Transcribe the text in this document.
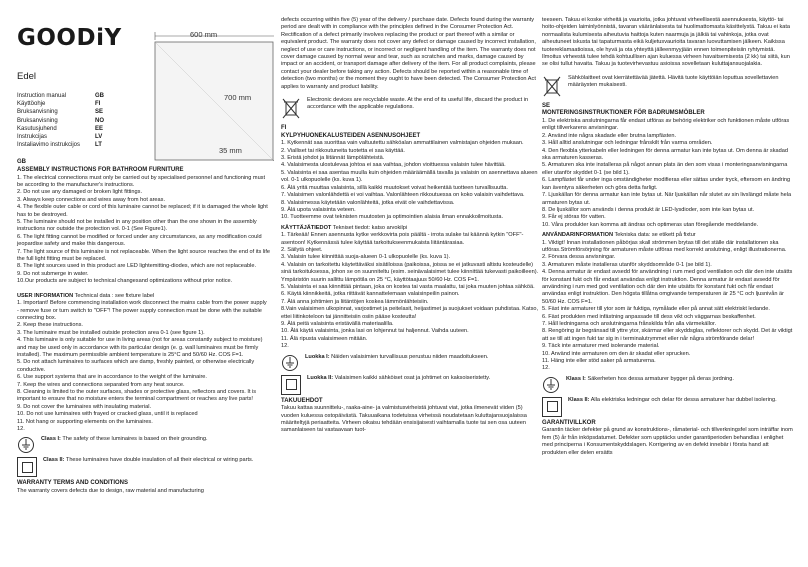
GOODiY	600 mm
700 mm
35 mm
Edel
Instruction manual	GB
Käyttöohje	FI
Bruksanvisning	SE
Bruksanvisning	NO
Kasutusjuhend	EE
Instrukcijas	LV
Instaliavimo instrukcijos	LT

GB

ASSEMBLY INSTRUCTIONS FOR BATHROOM FURNITURE

1. The electrical connections must only be carried out by specialised personnel and functioning must be according to the manufacturer's instructions.
2. Do not use any damaged or broken light fittings.
3. Always keep connections and wires away from hot areas.
4. The flexible outer cable or cord of this luminaire cannot be replaced; if it is damaged the whole light has to be destroyed.
5. The luminaire should not be installed in any position other than the one shown in the assembly instructions nor outside the protection vol. 0-1 (See Figure1).
6. The light fitting cannot be modified or forced under any circumstances, as any modification could jeopardise safety and make this dangerous.
7. The light source of this luminaire is not replaceable. When the light source reaches the end of its life the full light fitting must be replaced.
8. The light sources used in this product are LED lightemitting-diodes, which are not replaceable.
9. Do not submerge in water.
10.Our products are subject to technical changesand optimizations without prior notice.

USER INFORMATION Technical data : see fixture label

1. Important! Before commencing installation work disconnect the mains cable from the power supply - remove fuse or turn switch to "OFF"! The power supply connection must be done with the suitable connecting box.
2. Keep these instructions.
3. The luminaire must be installed outside protection area 0-1 (see figure 1).
4. This luminaire is only suitable for use in living areas (not for areas constantly subject to moisture) and may be used only in accordance with its particular design (e. g. wall luminaires must be firmly installed). The maximum permissible ambient temperature is 25°C and 50/60 Hz. COS F=1.
5. Do not attach luminaires to surfaces which are damp, freshly painted, or otherwise electrically conductive.
6. Use support systems that are in accordance to the weight of the luminaire.
7. Keep the wires and connections separated from any heat source.
8. Cleaning is limited to the outer surfaces, shades or protective glass, reflectors and covers. It is important to ensure that no moisture enters the terminal compartment or reaches any live parts!
9. Do not cover the luminaires with insulating material.
10. Do not use luminaires with frayed or cracked glass, until it is replaced
11. Not hang or supporting elements on the luminaires.
12.

Class I: The safety of these luminaires is based on their grounding.
Class II: These luminaires have double insulation of all their electrical or wiring parts.

WARRANTY TERMS AND CONDITIONS

The warranty covers defects due to design, raw material and manufacturing

defects occurring within five (5) year of the delivery / purchase date. Defects found during the warranty period are dealt with in compliance with the principles defined in the Consumer Protection Act. Rectification of a defect primarily involves replacing the product or part thereof with a similar or equivalent product. The warranty does not cover any defect or damage caused by incorrect installation, neglect of use or care instructions, or incorrect or negligent handling of the item. The warranty does not cover damage caused by normal wear and tear, such as scratches and marks, damage caused by impact or an accident, or transport damage after delivery of the item. For all product complaints, please contact your dealer before taking any action. Defects should be reported within a reasonable time of detection (two months) or the moment they ought to have been detected. The Consumer Protection Act applies to warranty and product liability.

Electronic devices are recyclable waste. At the end of its useful life, discard the product in accordance with the applicable regulations.

FI

KYLPYHUONEKALUSTEIDEN ASENNUSOHJEET

1. Kytkennät saa suorittaa vain valtuutettu sähköalan ammattilainen valmistajan ohjeiden mukaan.
2. Vialliset tai rikkoutuneita tuotetta ei saa käyttää.
3. Eristä johdot ja liitännät lämpölähteistä.
4. Valaisimesta ulostulevaa johtoa ei saa vaihtaa, johdon vioittuessa valaisin tulee hävittää.
5. Valaisinta ei saa asentaa muulla kuin ohjeiden määräämällä tavalla ja valaisin on asennettava alueen vol. 0-1 ulkopuolelle (ks. kuva 1).
6. Älä yritä muuttaa valaisinta, sillä kaikki muutokset voivat heikentää tuotteen turvallisuutta.
7. Valaisimen valonlähdettä ei voi vaihtaa. Valonlähteen rikkoutuessa on koko valaisin vaihdettava.
8. Valaisimessa käytetään valonlähteitä, jotka eivät ole vaihdettavissa.
9. Älä upota valaisinta veteen.
10. Tuotteemme ovat teknisten muutosten ja optimointien alaisia ilman ennakkoilmoitusta.

KÄYTTÄJÄTIEDOT Tekniset tiedot: katso arvokilpi

1. Tärkeää! Ennen asennusta kytke verkkovirta pois päältä - irrota sulake tai käännä kytkin "OFF"-asentoon! Kytkennässä tulee käyttää tarkoitukseenmukaista liitäntärasiaa.
2. Säilytä ohjeet.
3. Valaisin tulee kiinnittää suoja-alueen 0-1 ulkopuolelle (ks. kuva 1).
4. Valaisin on tarkoitettu käytettäväksi sisätiloissa (paikoissa, joissa se ei jatkuvasti altistu kosteudelle) sinä tarkoituksessa, johon se on suunniteltu (esim. seinävalaisimet tulee kiinnittää tukevasti paikoilleen). Ympäristön suurin sallittu lämpötila on 25 °C, käyttötaajuus 50/60 Hz. COS F=1.
5. Valaisinta ei saa kiinnittää pintaan, joka on kostea tai vasta maalattu, tai joka muuten johtaa sähköä.
6. Käytä kiinnikkeitä, jotka riittävät kannattelemaan valaisinpeilin painon.
7. Älä anna johtimien ja liitäntöjen koskea lämmönlähteisiin.
8.Vain valaisimen ulkopinnat, varjostimet ja peitelasit, heijastimet ja suojukset voidaan puhdistaa. Katso, ettei liitinkoteloon tai jännitteisiin osiin pääse kosteutta!
9. Älä peitä valaisinta eristävällä materiaalilla.
10. Älä käytä valaisinta, jonka lasi on lohjennut tai haljennut. Vaihda uuteen.
11. Älä ripusta valaisimeen mitään.
12.

Luokka I: Näiden valaisimien turvallisuus perustuu niiden maadoitukseen.
Luokka II: Valaisimen kaikki sähköiset osat ja johtimet on kaksoiseristetty.

TAKUUEHDOT

Takuu kattaa suunnittelu-, raaka-aine- ja valmistusvirheistä johtuvat viat, jotka ilmenevät viiden (5) vuoden kuluessa ostopäivästä. Takuuaikana todetuissa virheissä noudatetaan kuluttajansuojalaissa määriteltyjä periaatteita. Virheen oikaisu tehdään ensisijaisesti vaihtamalla tuote tai sen osa uuteen samanlaiseen tai vastaavaan tuot-

teeseen. Takuu ei koske virheitä ja vaurioita, jotka johtuvat virheellisestä asennuksesta, käyttö- tai hoito-ohjeiden laiminlyönnistä, tavaran vääränlaisesta tai huolimattomasta käsittelystä. Takuu ei kata normaalista kulumisesta aiheutuvia haittoja kuten naarmuja ja jälkiä tai vahinkoja, jotka ovat aiheutuneet iskusta tai tapaturmasta eikä kuljetusvaurioita tavaran luovuttamisen jälkeen. Kaikissa tuotereklamaatioissa, ole hyvä ja ota yhteyttä jälleenmyyjään ennen toimenpiteisiin ryhtymistä. Ilmoitus virheestä tulee tehdä kohtuullisen ajan kuluessa virheen havaitsemisesta (2 kk) tai siitä, kun se olisi tullut havaita. Takuu ja tuotevirhevastuu asioissa sovelletaan kuluttajansuojalakia.

Sähkölaitteet ovat kierrätettävää jätettä. Hävitä tuote käyttöiän loputtua sovellettavien määräysten mukaisesti.

SE

MONTERINGSINSTRUKTIONER FÖR BADRUMSMÖBLER

1. De elektriska anslutningarna får endast utföras av behörig elektriker och funktionen måste utföras enligt tillverkarens anvisningar.
2. Använd inte några skadade eller brutna lampfästen.
3. Håll alltid anslutningar och ledningar frånskilt från varma områden.
4. Den flexibla ytterkabeln eller ledningen för denna armatur kan inte bytas ut. Om denna är skadad ska armaturen kasseras.
5. Armaturen ska inte installeras på något annan plats än den som visas i monteringsanvisningarna eller utanför skyddet 0-1 (se bild 1).
6. Lampfästet får under inga omständigheter modifieras eller sättas under tryck, eftersom en ändring kan äventyra säkerheten och göra detta farligt.
7. Ljuskällan för denna armatur kan inte bytas ut. När ljuskällan når slutet av sin livslängd måste hela armaturen bytas ut.
8. De ljuskällor som används i denna produkt är LED-lysdioder, som inte kan bytas ut.
9. Får ej störas för vatten.
10. Våra produkter kan komma att ändras och optimeras utan föregående meddelande.

ANVÄNDARINFORMATION Tekniska data: se etikett på fixtur

1. Viktigt! Innan installationen påbörjas skall strömmen brytas till det ställe där installationen ska utföras.Strömförsörjning för armaturen måste utföras med korrekt anslutning, enligt illustrationerna.
2. Förvara dessa anvisningar.
3. Armaturen måste installeras utanför skyddsområde 0-1 (se bild 1).
4. Denna armatur är endast avsedd för användning i rum med god ventilation och där den inte utsätts för konstant fukt och får endast användas enligt instruktion. Denna armatur är endast avsedd för användning i rum med god ventilation och där den inte utsätts för konstant fukt och får endast användas enligt instruktion. Den högsta tillåtna omgivande temperaturen är 25 °C och ljusnivån är 50/60 Hz. COS F=1.
5. Fäst inte armaturer till ytor som är fuktiga, nymålade eller på annat sätt elektriskt ledande.
6. Fäst produkten med infästning anpassade till dess vikt och väggarnas beskaffenhet.
7. Håll ledningarna och anslutningarna frånskilda från alla värmekällor.
8. Rengöring är begränsad till yttre ytor, skärmar eller skyddsglas, reflektorer och skydd. Det är viktigt att se till att ingen fukt tar sig in i terminalutrymmet eller når några strömförande delar!
9. Täck inte armaturer med isolerande material.
10. Använd inte armaturen om den är skadat eller sprucken.
11. Häng inte eller stöd saker på armaturerna.
12.

Klass I: Säkerheten hos dessa armaturer bygger på deras jordning.
Klass II: Alla elektriska ledningar och delar för dessa armaturer har dubbel isolering.

GARANTIVILLKOR

Garantin täcker defekter på grund av konstruktions-, råmaterial- och tillverkningsfel som inträffar inom fem (5) år från inköpsdatumet. Defekter som upptäcks under garantiperioden behandlas i enlighet med principerna i Konsumentskyddslagen. Korrigering av en defekt innebär i första hand att produkten eller delen ersätts
